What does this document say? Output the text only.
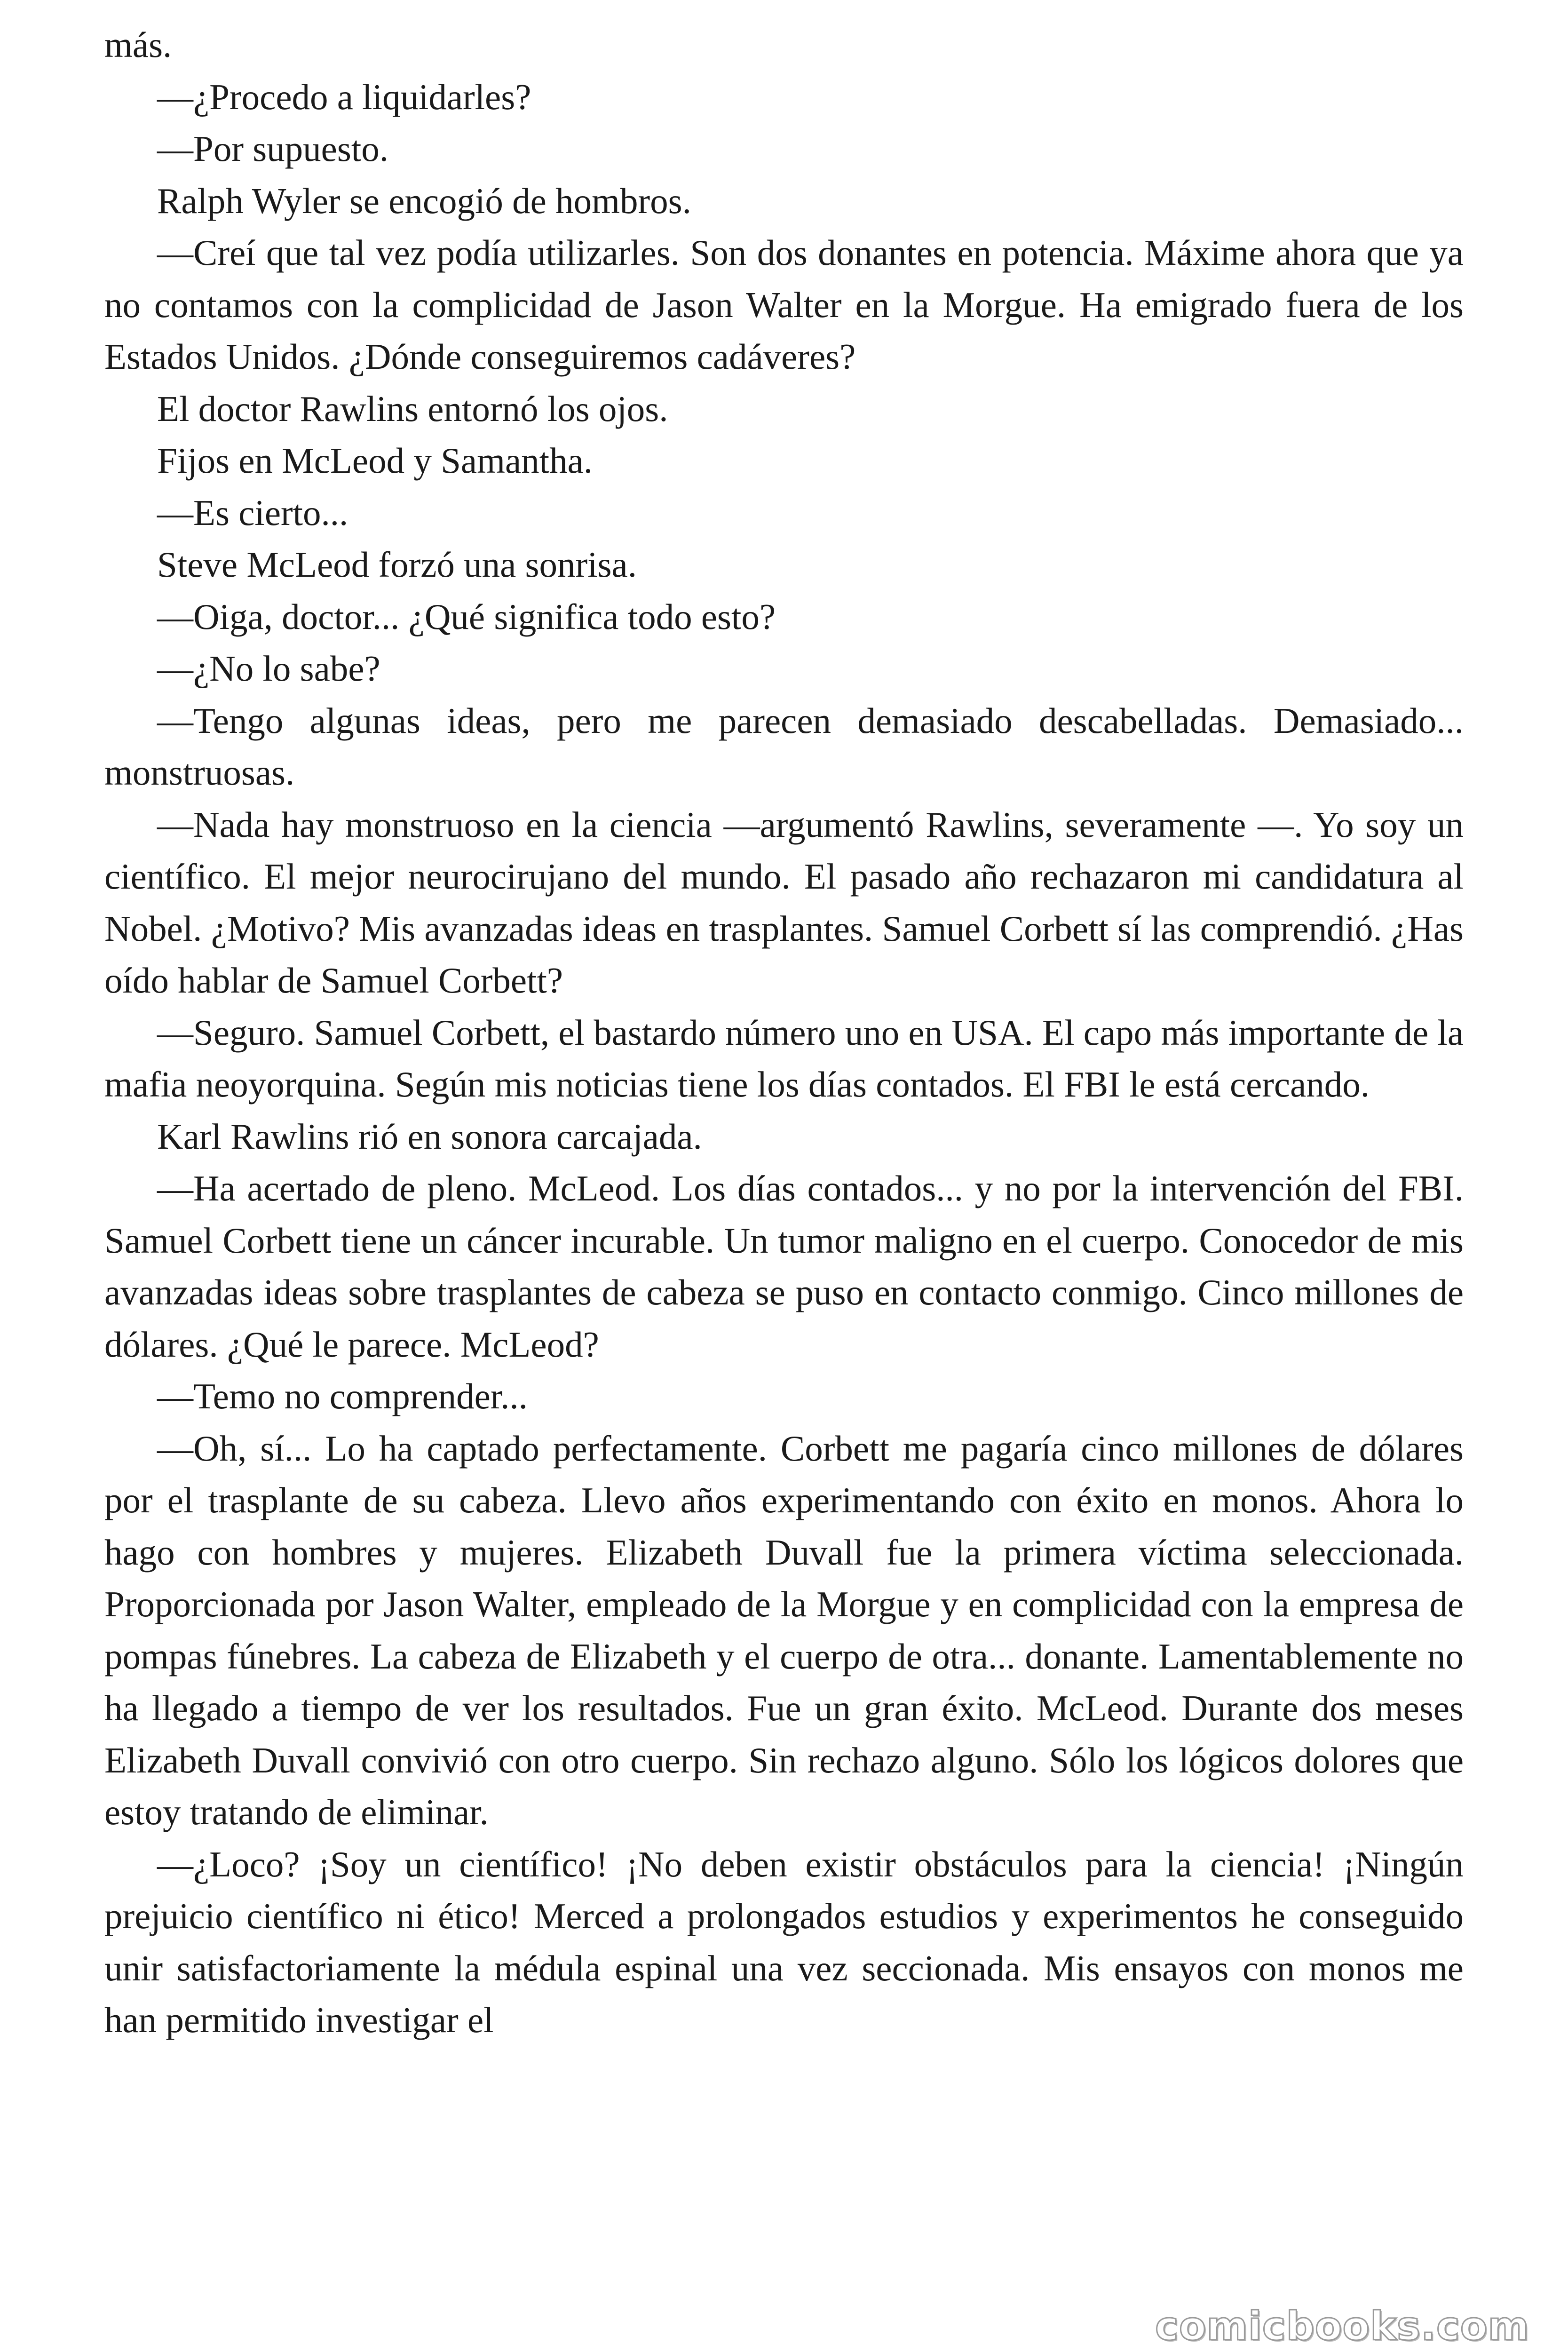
más.

—¿Procedo a liquidarles?

—Por supuesto.

Ralph Wyler se encogió de hombros.

—Creí que tal vez podía utilizarles. Son dos donantes en potencia. Máxime ahora que ya no contamos con la complicidad de Jason Walter en la Morgue. Ha emigrado fuera de los Estados Unidos. ¿Dónde conseguiremos cadáveres?

El doctor Rawlins entornó los ojos.

Fijos en McLeod y Samantha.

—Es cierto...

Steve McLeod forzó una sonrisa.

—Oiga, doctor... ¿Qué significa todo esto?

—¿No lo sabe?

—Tengo algunas ideas, pero me parecen demasiado descabelladas. Demasiado... monstruosas.

—Nada hay monstruoso en la ciencia —argumentó Rawlins, severamente —. Yo soy un científico. El mejor neurocirujano del mundo. El pasado año rechazaron mi candidatura al Nobel. ¿Motivo? Mis avanzadas ideas en trasplantes. Samuel Corbett sí las comprendió. ¿Has oído hablar de Samuel Corbett?

—Seguro. Samuel Corbett, el bastardo número uno en USA. El capo más importante de la mafia neoyorquina. Según mis noticias tiene los días contados. El FBI le está cercando.

Karl Rawlins rió en sonora carcajada.

—Ha acertado de pleno. McLeod. Los días contados... y no por la intervención del FBI. Samuel Corbett tiene un cáncer incurable. Un tumor maligno en el cuerpo. Conocedor de mis avanzadas ideas sobre trasplantes de cabeza se puso en contacto conmigo. Cinco millones de dólares. ¿Qué le parece. McLeod?

—Temo no comprender...

—Oh, sí... Lo ha captado perfectamente. Corbett me pagaría cinco millones de dólares por el trasplante de su cabeza. Llevo años experimentando con éxito en monos. Ahora lo hago con hombres y mujeres. Elizabeth Duvall fue la primera víctima seleccionada. Proporcionada por Jason Walter, empleado de la Morgue y en complicidad con la empresa de pompas fúnebres. La cabeza de Elizabeth y el cuerpo de otra... donante. Lamentablemente no ha llegado a tiempo de ver los resultados. Fue un gran éxito. McLeod. Durante dos meses Elizabeth Duvall convivió con otro cuerpo. Sin rechazo alguno. Sólo los lógicos dolores que estoy tratando de eliminar.

—¿Loco? ¡Soy un científico! ¡No deben existir obstáculos para la ciencia! ¡Ningún prejuicio científico ni ético! Merced a prolongados estudios y experimentos he conseguido unir satisfactoriamente la médula espinal una vez seccionada. Mis ensayos con monos me han permitido investigar el

comicbooks.com
